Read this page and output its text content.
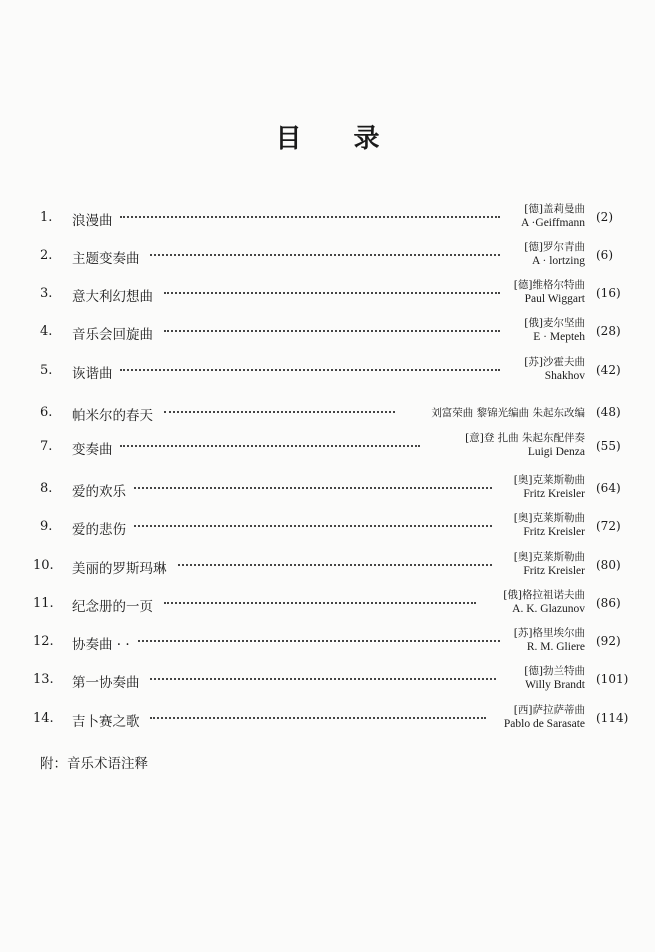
目 录
1. 浪漫曲
[德]盖莉曼曲
A ·Geiffmann (2)
2. 主题变奏曲
[德]罗尔青曲
A · lortzing (6)
3. 意大利幻想曲
[德]维格尔特曲
Paul Wiggart (16)
4. 音乐会回旋曲
[俄]麦尔坚曲
E · Mepteh (28)
5. 诙谐曲
[苏]沙霍夫曲
Shakhov (42)
6. 帕米尔的春天	刘富荣曲 黎锦光编曲 朱起东改编 (48)
7. 变奏曲
[意]登 扎曲 朱起东配伴奏
Luigi Denza (55)
8. 爱的欢乐
[奥]克莱斯勒曲
Fritz Kreisler (64)
9. 爱的悲伤
[奥]克莱斯勒曲
Fritz Kreisler (72)
10. 美丽的罗斯玛琳
[奥]克莱斯勒曲
Fritz Kreisler (80)
11. 纪念册的一页
[俄]格拉祖诺夫曲
A. K. Glazunov (86)
12. 协奏曲 · ·
[苏]格里埃尔曲
R. M. Gliere (92)
13. 第一协奏曲
[德]勃兰特曲
Willy Brandt (101)
14. 吉卜赛之歌
[西]萨拉萨蒂曲
Pablo de Sarasate (114)
附：音乐术语注释
